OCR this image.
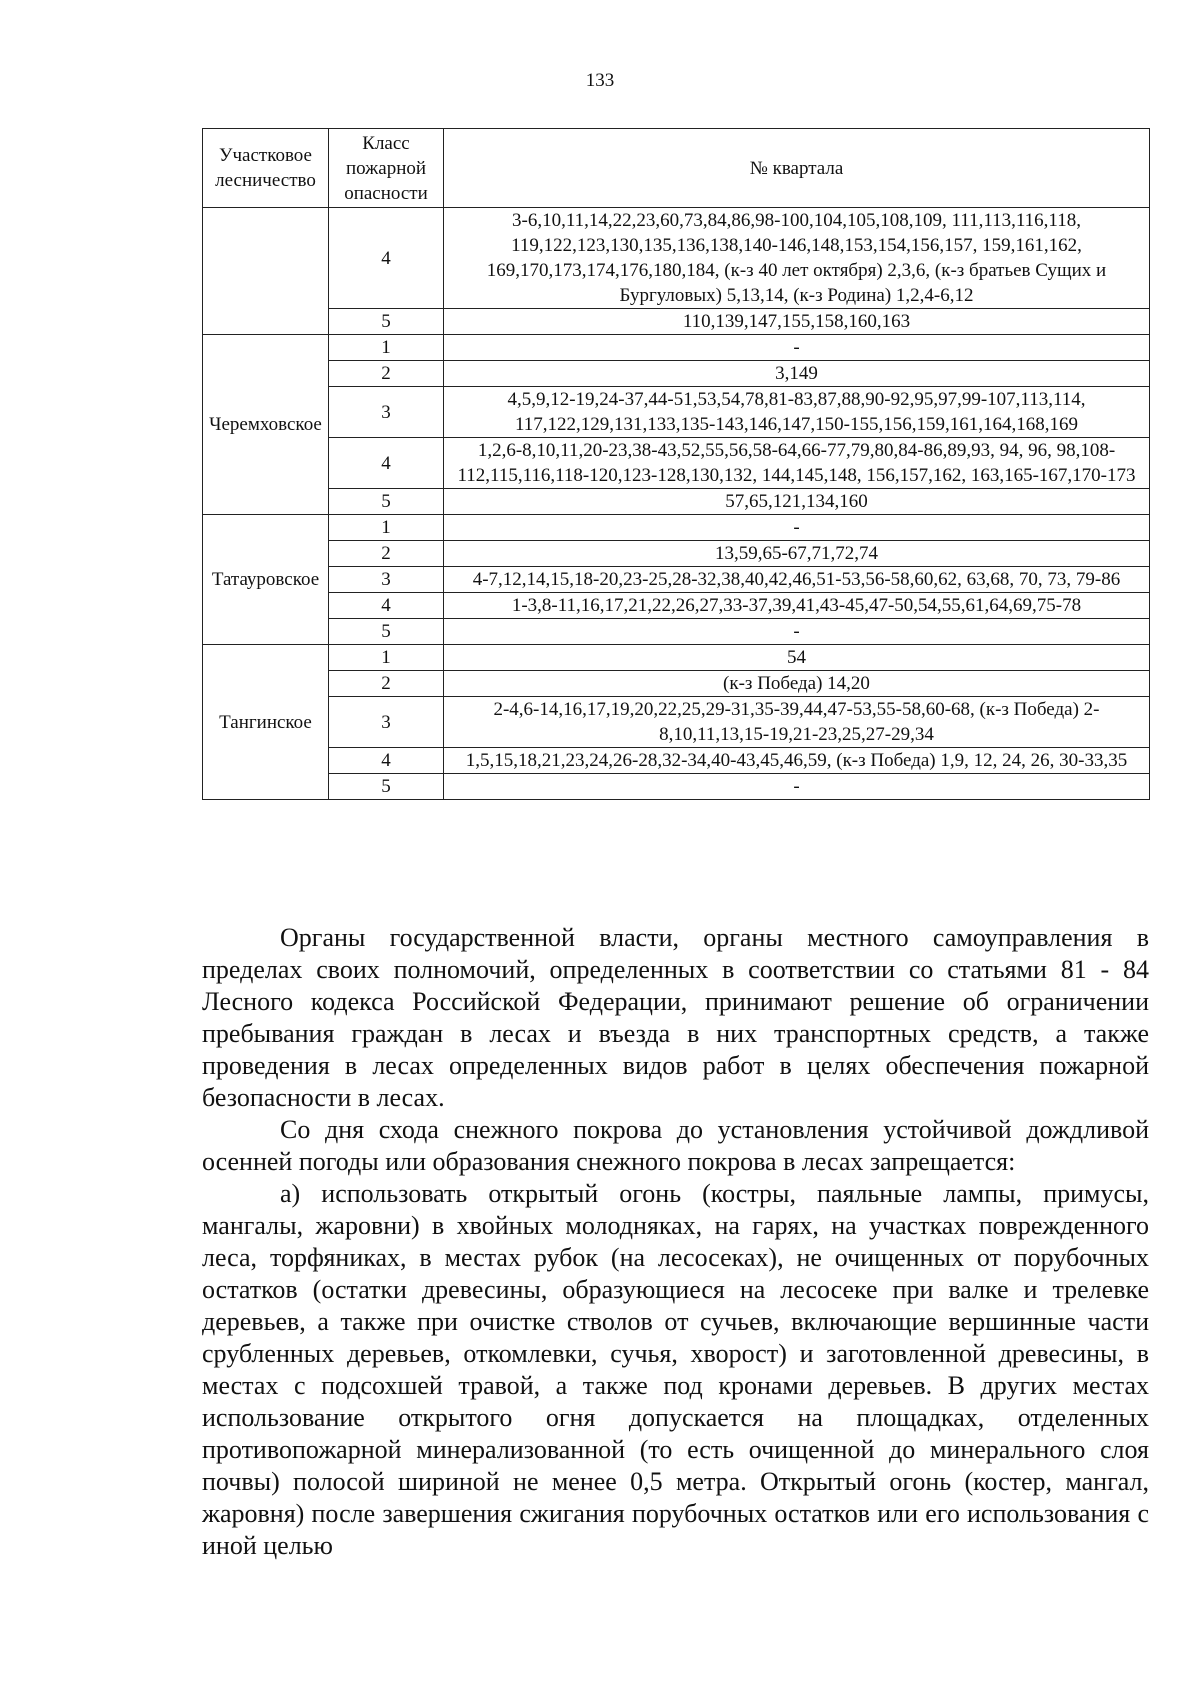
133
Участковое лесничество	Класс пожарной опасности	№ квартала
	4	3-6,10,11,14,22,23,60,73,84,86,98-100,104,105,108,109, 111,113,116,118, 119,122,123,130,135,136,138,140-146,148,153,154,156,157, 159,161,162, 169,170,173,174,176,180,184, (к-з 40 лет октября) 2,3,6, (к-з братьев Сущих и Бургуловых) 5,13,14, (к-з Родина) 1,2,4-6,12
	5	110,139,147,155,158,160,163
Черемховское	1	-
	2	3,149
	3	4,5,9,12-19,24-37,44-51,53,54,78,81-83,87,88,90-92,95,97,99-107,113,114, 117,122,129,131,133,135-143,146,147,150-155,156,159,161,164,168,169
	4	1,2,6-8,10,11,20-23,38-43,52,55,56,58-64,66-77,79,80,84-86,89,93, 94, 96, 98,108-112,115,116,118-120,123-128,130,132, 144,145,148, 156,157,162, 163,165-167,170-173
	5	57,65,121,134,160
Татауровское	1	-
	2	13,59,65-67,71,72,74
	3	4-7,12,14,15,18-20,23-25,28-32,38,40,42,46,51-53,56-58,60,62, 63,68, 70, 73, 79-86
	4	1-3,8-11,16,17,21,22,26,27,33-37,39,41,43-45,47-50,54,55,61,64,69,75-78
	5	-
Тангинское	1	54
	2	(к-з Победа) 14,20
	3	2-4,6-14,16,17,19,20,22,25,29-31,35-39,44,47-53,55-58,60-68, (к-з Победа) 2-8,10,11,13,15-19,21-23,25,27-29,34
	4	1,5,15,18,21,23,24,26-28,32-34,40-43,45,46,59, (к-з Победа) 1,9, 12, 24, 26, 30-33,35
	5	-

Органы государственной власти, органы местного самоуправления в пределах своих полномочий, определенных в соответствии со статьями 81 - 84 Лесного кодекса Российской Федерации, принимают решение об ограничении пребывания граждан в лесах и въезда в них транспортных средств, а также проведения в лесах определенных видов работ в целях обеспечения пожарной безопасности в лесах.

Со дня схода снежного покрова до установления устойчивой дождливой осенней погоды или образования снежного покрова в лесах запрещается:

а) использовать открытый огонь (костры, паяльные лампы, примусы, мангалы, жаровни) в хвойных молодняках, на гарях, на участках поврежденного леса, торфяниках, в местах рубок (на лесосеках), не очищенных от порубочных остатков (остатки древесины, образующиеся на лесосеке при валке и трелевке деревьев, а также при очистке стволов от сучьев, включающие вершинные части срубленных деревьев, откомлевки, сучья, хворост) и заготовленной древесины, в местах с подсохшей травой, а также под кронами деревьев. В других местах использование открытого огня допускается на площадках, отделенных противопожарной минерализованной (то есть очищенной до минерального слоя почвы) полосой шириной не менее 0,5 метра. Открытый огонь (костер, мангал, жаровня) после завершения сжигания порубочных остатков или его использования с иной целью
